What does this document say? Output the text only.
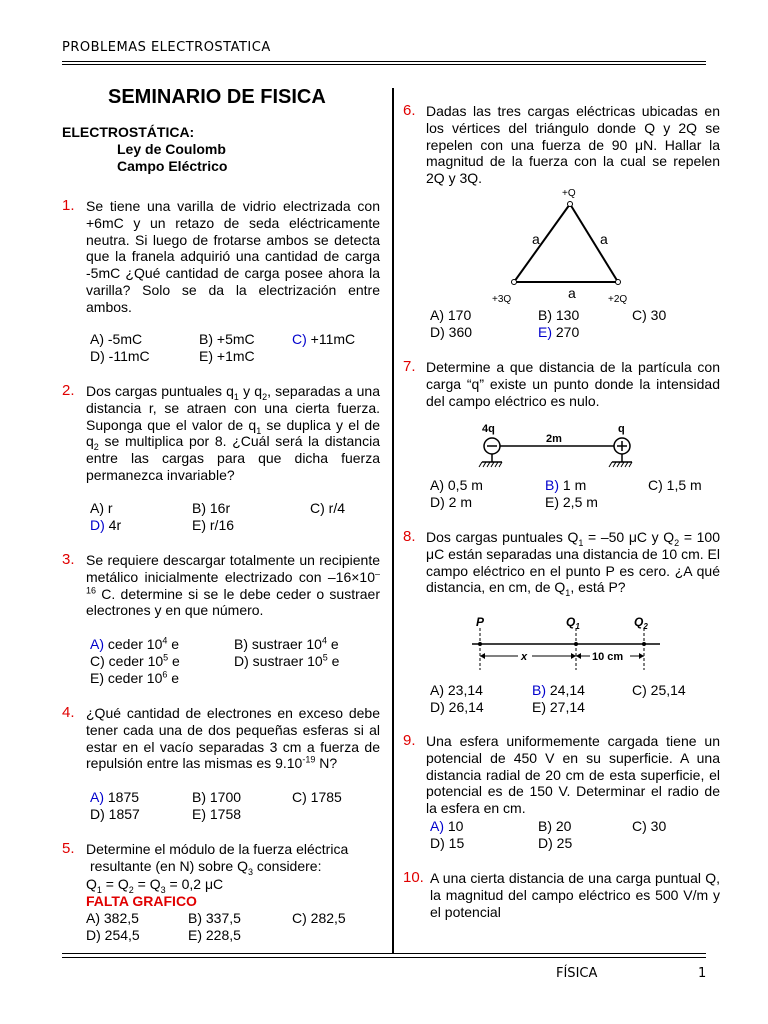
PROBLEMAS ELECTROSTATICA
SEMINARIO DE FISICA
ELECTROSTÁTICA:
Ley de Coulomb
Campo Eléctrico
1. Se tiene una varilla de vidrio electrizada con +6mC y un retazo de seda eléctricamente neutra. Si luego de frotarse ambos se detecta que la franela adquirió una cantidad de carga -5mC ¿Qué cantidad de carga posee ahora la varilla? Solo se da la electrización entre ambos.
A) -5mC	B) +5mC	C) +11mC
D) -11mC	E) +1mC
2. Dos cargas puntuales $q_1$ y $q_2$, separadas a una distancia r, se atraen con una cierta fuerza. Suponga que el valor de $q_1$ se duplica y el de $q_2$ se multiplica por 8. ¿Cuál será la distancia entre las cargas para que dicha fuerza permanezca invariable?
A) r	B) 16r	C) r/4
D) 4r	E) r/16
3. Se requiere descargar totalmente un recipiente metálico inicialmente electrizado con $-16\times 10^{-16}$ C. determine si se le debe ceder o sustraer electrones y en que número.
A) ceder $10^4$ e	B) sustraer $10^4$ e
C) ceder $10^5$ e	D) sustraer $10^5$ e
E) ceder $10^6$ e
4. ¿Qué cantidad de electrones en exceso debe tener cada una de dos pequeñas esferas si al estar en el vacío separadas 3 cm a fuerza de repulsión entre las mismas es $9.10^{-19}$ N?
A) 1875	B) 1700	C) 1785
D) 1857	E) 1758
5. Determine el módulo de la fuerza eléctrica
resultante (en N) sobre $Q_3$ considere:
$Q_1 = Q_2 = Q_3 = 0,2$ μC
FALTA GRAFICO
A) 382,5	B) 337,5	C) 282,5
D) 254,5	E) 228,5
6. Dadas las tres cargas eléctricas ubicadas en los vértices del triángulo donde Q y 2Q se repelen con una fuerza de 90 μN. Hallar la magnitud de la fuerza con la cual se repelen 2Q y 3Q.
+Q
+3Q	+2Q
a	a
a
A) 170	B) 130	C) 30
D) 360	E) 270
7. Determine a que distancia de la partícula con carga “q” existe un punto donde la intensidad del campo eléctrico es nulo.
4q
2m
q
A) 0,5 m	B) 1 m	C) 1,5 m
D) 2 m	E) 2,5 m
8. Dos cargas puntuales $Q_1 = -50$ μC y $Q_2 = 100$ μC están separadas una distancia de 10 cm. El campo eléctrico en el punto P es cero. ¿A qué distancia, en cm, de $Q_1$, está P?
P	$Q_1$	$Q_2$
x	10 cm
A) 23,14	B) 24,14	C) 25,14
D) 26,14	E) 27,14
9. Una esfera uniformemente cargada tiene un potencial de 450 V en su superficie. A una distancia radial de 20 cm de esta superficie, el potencial es de 150 V. Determinar el radio de la esfera en cm.
A) 10	B) 20	C) 30
D) 15	D) 25
10. A una cierta distancia de una carga puntual Q, la magnitud del campo eléctrico es 500 V/m y el potencial
FÍSICA	1
